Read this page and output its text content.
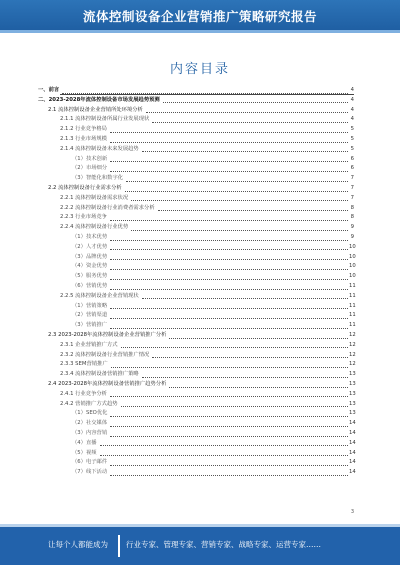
流体控制设备企业营销推广策略研究报告
内容目录
一、前言	4
二、2023-2028年流体控制设备市场发展趋势预测	4
2.1 流体控制设备企业营销所处环境分析	4
2.1.1 流体控制设备所属行业发展现状	4
2.1.2 行业竞争格局	5
2.1.3 行业市场规模	5
2.1.4 流体控制设备未来发展趋势	5
（1）技术创新	6
（2）市场细分	6
（3）智能化和数字化	7
2.2 流体控制设备行业需求分析	7
2.2.1 流体控制设备需求状况	7
2.2.2 流体控制设备行业消费者需求分析	8
2.2.3 行业市场竞争	8
2.2.4 流体控制设备行业优势	9
（1）技术优势	9
（2）人才优势	10
（3）品牌优势	10
（4）资金优势	10
（5）服务优势	10
（6）营销优势	11
2.2.5 流体控制设备企业营销现状	11
（1）营销策略	11
（2）营销渠道	11
（3）营销推广	11
2.3 2023-2028年流体控制设备企业营销推广分析	12
2.3.1 企业营销推广方式	12
2.3.2 流体控制设备行业营销推广情况	12
2.3.3 SEM营销推广	12
2.3.4 流体控制设备营销推广策略	13
2.4 2023-2028年流体控制设备营销推广趋势分析	13
2.4.1 行业竞争分析	13
2.4.2 营销推广方式趋势	13
（1）SEO优化	13
（2）社交媒体	14
（3）内容营销	14
（4）直播	14
（5）视频	14
（6）电子邮件	14
（7）线下活动	14
3
让每个人都能成为 行业专家、管理专家、营销专家、战略专家、运营专家……
